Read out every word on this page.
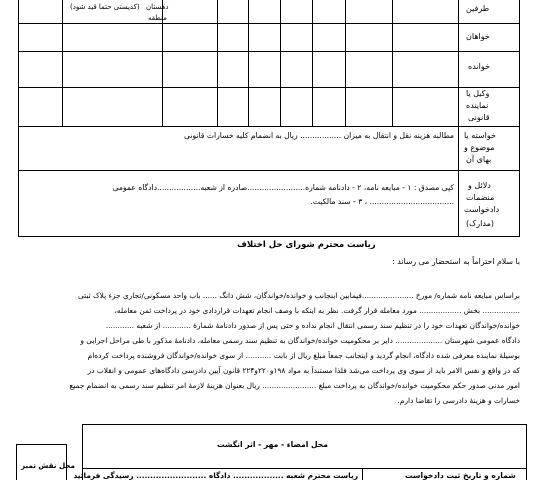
دهستان
منطقه
(کدپستی حتما قید شود)	طرفین
خواهان
خوانده
وکیل یا
نماینده
قانونی
خواسته یا
موضوع و
بهای آن
دلائل و
منضمات
دادخواست
(مدارک)
مطالبه هزینه نقل و انتقال به میزان ................. ریال به انضمام کلیه خسارات قانونی
کپی مصدق : ۱ - مبایعه نامه، ۲ - دادنامه شماره........................صادره از شعبه..................دادگاه عمومی
................................... ، ۳ - سند مالکیت.
ریاست محترم شورای حل اختلاف
با سلام احتراماً به استحضار می رساند :
براساس مبایعه نامه شماره/ مورخ ......................فیمابین اینجانب و خوانده/خواندگان، شش دانگ ...... باب واحد مسکونی/تجاری جزء پلاک ثبتی
................ بخش .................. مورد معامله قرار گرفت. نظر به اینکه با وصف انجام تعهدات قراردادی خود در پرداخت ثمن معامله،
خوانده/خواندگان تعهدات خود را در تنظیم سند رسمی انتقال انجام نداده و حتی پس از صدور دادنامهٔ شمارهٔ ............ از شعبه ............
دادگاه عمومی شهرستان .................... دایر بر محکومیت خوانده/خواندگان به تنظیم سند رسمی معامله، دادنامهٔ مذکور با طی مراحل اجرایی و
بوسیلهٔ نماینده معرفی شده دادگاه، انجام گردید و اینجانب جمعاً مبلغ ریال از بابت ........... از سوی خوانده/خواندگان فروشنده پرداخت کرده‌ام
که در واقع و نفس الامر باید از سوی وی پرداخت می‌شد فلذا مستنداً به مواد ۱۹۸و۲۲۰و۲۲۴ قانون آیین دادرسی دادگاه‌های عمومی و انقلاب در
امور مدنی صدور حکم محکومیت خوانده/خواندگان به پرداخت مبلغ ....................... ریال بعنوان هزینهٔ لازمهٔ امر تنظیم سند رسمی به انضمام جمیع
خسارات و هزینهٔ دادرسی را تقاضا دارم.
محل امضاء - مهر - اثر انگشت
شماره و تاریخ ثبت دادخواست
ریاست محترم شعبه .................. دادگاه ......................... رسیدگی فرمائید
محل نقش تمبر
